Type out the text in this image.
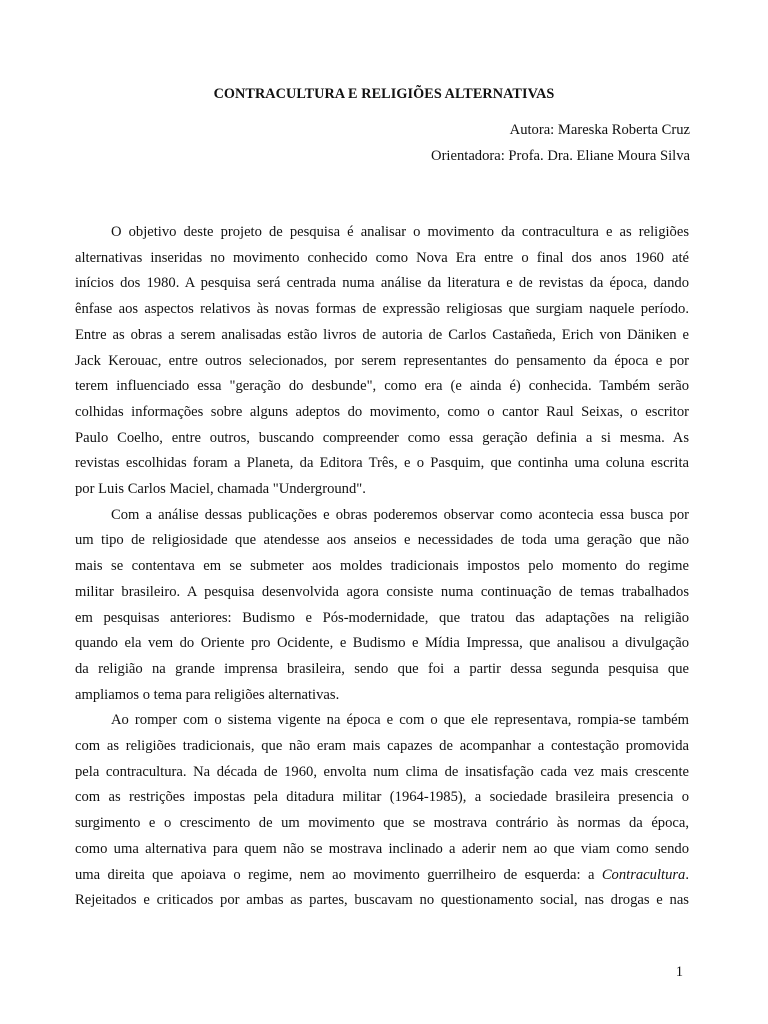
CONTRACULTURA E RELIGIÕES ALTERNATIVAS
Autora: Mareska Roberta Cruz
Orientadora: Profa. Dra. Eliane Moura Silva
O objetivo deste projeto de pesquisa é analisar o movimento da contracultura e as religiões
alternativas inseridas no movimento conhecido como Nova Era entre o final dos anos 1960 até
inícios dos 1980. A pesquisa será centrada numa análise da literatura e de revistas da época, dando
ênfase aos aspectos relativos às novas formas de expressão religiosas que surgiam naquele período.
Entre as obras a serem analisadas estão livros de autoria de Carlos Castañeda, Erich von Däniken e
Jack Kerouac, entre outros selecionados, por serem representantes do pensamento da época e por
terem influenciado essa "geração do desbunde", como era (e ainda é) conhecida. Também serão
colhidas informações sobre alguns adeptos do movimento, como o cantor Raul Seixas, o escritor
Paulo Coelho, entre outros, buscando compreender como essa geração definia a si mesma. As
revistas escolhidas foram a Planeta, da Editora Três, e o Pasquim, que continha uma coluna escrita
por Luis Carlos Maciel, chamada "Underground".
Com a análise dessas publicações e obras poderemos observar como acontecia essa busca por
um tipo de religiosidade que atendesse aos anseios e necessidades de toda uma geração que não
mais se contentava em se submeter aos moldes tradicionais impostos pelo momento do regime
militar brasileiro. A pesquisa desenvolvida agora consiste numa continuação de temas trabalhados
em pesquisas anteriores: Budismo e Pós-modernidade, que tratou das adaptações na religião
quando ela vem do Oriente pro Ocidente, e Budismo e Mídia Impressa, que analisou a divulgação
da religião na grande imprensa brasileira, sendo que foi a partir dessa segunda pesquisa que
ampliamos o tema para religiões alternativas.
Ao romper com o sistema vigente na época e com o que ele representava, rompia-se também
com as religiões tradicionais, que não eram mais capazes de acompanhar a contestação promovida
pela contracultura. Na década de 1960, envolta num clima de insatisfação cada vez mais crescente
com as restrições impostas pela ditadura militar (1964-1985), a sociedade brasileira presencia o
surgimento e o crescimento de um movimento que se mostrava contrário às normas da época,
como uma alternativa para quem não se mostrava inclinado a aderir nem ao que viam como sendo
uma direita que apoiava o regime, nem ao movimento guerrilheiro de esquerda: a Contracultura.
Rejeitados e criticados por ambas as partes, buscavam no questionamento social, nas drogas e nas
1
